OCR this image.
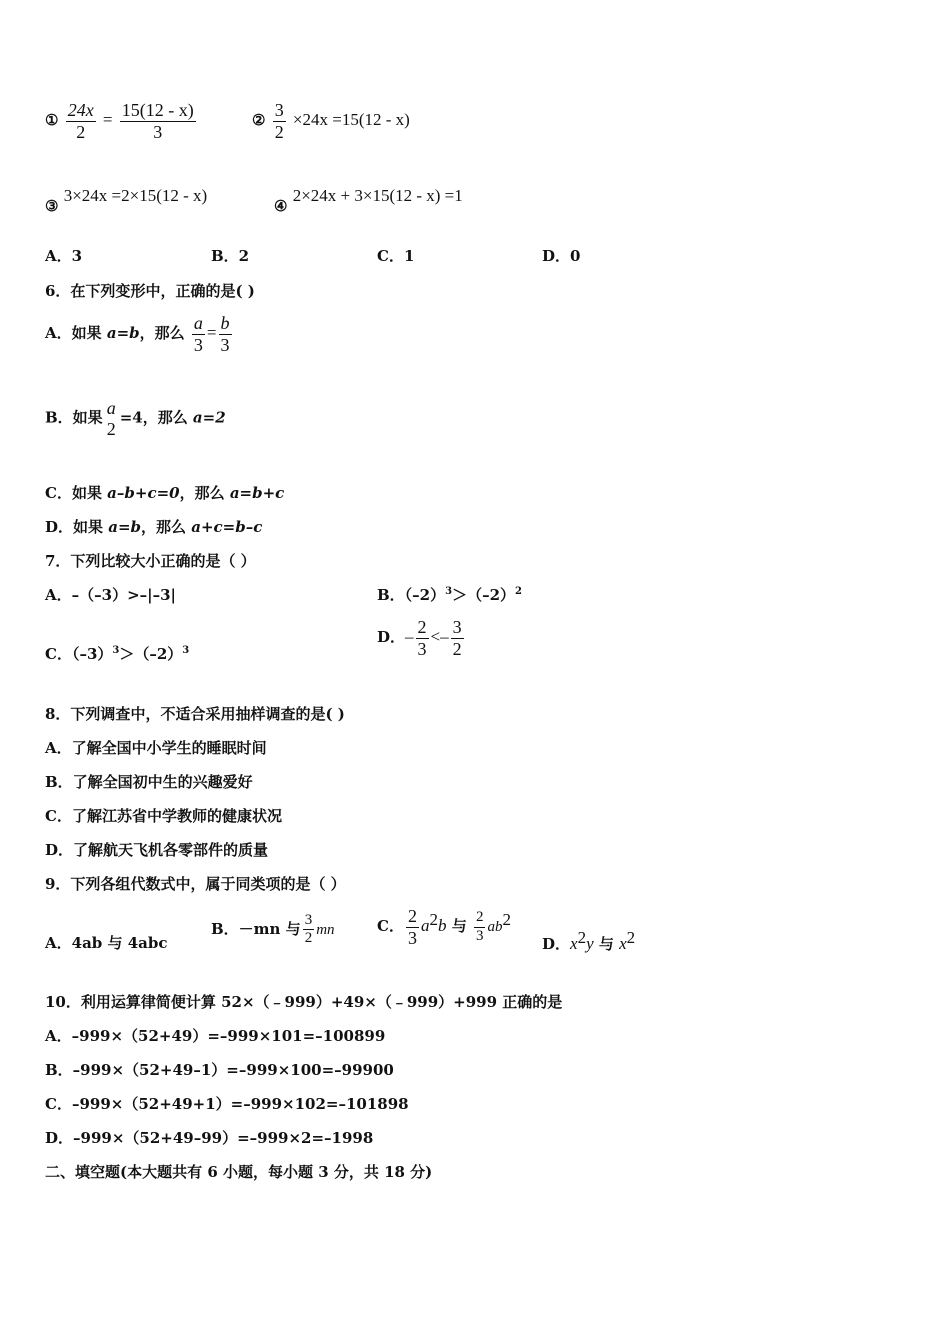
① $\frac{24x}{2} = \frac{15(12 - x)}{3}$	② $\frac{3}{2} \times 24x =15(12 - x)$
③ 3×24x =2×15(12 - x)
④ 2×24x + 3×15(12 - x) =1
A．3	B．2	C．1	D．0
6．在下列变形中，正确的是( )
A．如果 a=b，那么 $\frac{a}{3} = \frac{b}{3}$
B．如果 a
2
=4，那么 a=2
C．如果 a–b+c=0，那么 a=b+c
D．如果 a=b，那么 a+c=b–c
7．下列比较大小正确的是（ ）
A．–（–3）>–|–3|	B．$(-2)^3>(-2)^2$
C．$(-3)^3>(-2)^3$
D．– $\frac{2}{3} <- \frac{3}{2}$
8．下列调查中，不适合采用抽样调查的是( )
A．了解全国中小学生的睡眠时间
B．了解全国初中生的兴趣爱好
C．了解江苏省中学教师的健康状况
D．了解航天飞机各零部件的质量
9．下列各组代数式中，属于同类项的是（ ）
A．4ab 与 4abc
B．－mn 与 $\frac{3}{2}$ mn	C． $\frac{2}{3} a^2b$ 与 $\frac{2}{3} ab^2$
D．$x^2y$ 与 $x^2$
10．利用运算律简便计算 52×（﹣999）+49×（﹣999）+999 正确的是
A．–999×（52+49）=–999×101=–100899
B．–999×（52+49–1）=–999×100=–99900
C．–999×（52+49+1）=–999×102=–101898
D．–999×（52+49–99）=–999×2=–1998
二、填空题(本大题共有 6 小题，每小题 3 分，共 18 分)
